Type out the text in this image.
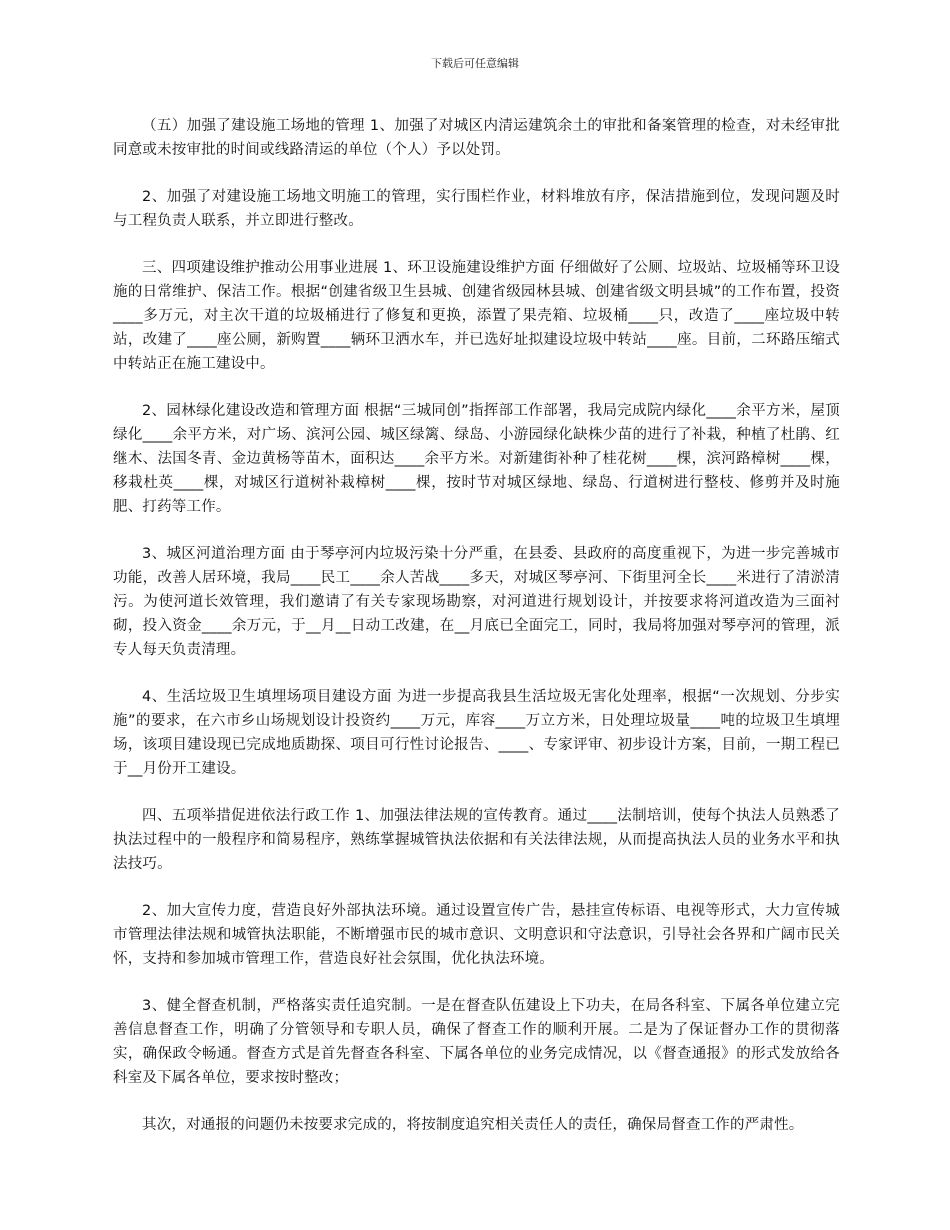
下载后可任意编辑

（五）加强了建设施工场地的管理 1、加强了对城区内清运建筑余土的审批和备案管理的检查，对未经审批同意或未按审批的时间或线路清运的单位（个人）予以处罚。

2、加强了对建设施工场地文明施工的管理，实行围栏作业，材料堆放有序，保洁措施到位，发现问题及时与工程负责人联系，并立即进行整改。

三、四项建设维护推动公用事业进展 1、环卫设施建设维护方面 仔细做好了公厕、垃圾站、垃圾桶等环卫设施的日常维护、保洁工作。根据“创建省级卫生县城、创建省级园林县城、创建省级文明县城”的工作布置，投资____多万元，对主次干道的垃圾桶进行了修复和更换，添置了果壳箱、垃圾桶____只，改造了____座垃圾中转站，改建了____座公厕，新购置____辆环卫洒水车，并已选好址拟建设垃圾中转站____座。目前，二环路压缩式中转站正在施工建设中。

2、园林绿化建设改造和管理方面 根据“三城同创”指挥部工作部署，我局完成院内绿化____余平方米，屋顶绿化____余平方米，对广场、滨河公园、城区绿篱、绿岛、小游园绿化缺株少苗的进行了补栽，种植了杜鹃、红继木、法国冬青、金边黄杨等苗木，面积达____余平方米。对新建街补种了桂花树____棵，滨河路樟树____棵，移栽杜英____棵，对城区行道树补栽樟树____棵，按时节对城区绿地、绿岛、行道树进行整枝、修剪并及时施肥、打药等工作。

3、城区河道治理方面 由于琴亭河内垃圾污染十分严重，在县委、县政府的高度重视下，为进一步完善城市功能，改善人居环境，我局____民工____余人苦战____多天，对城区琴亭河、下街里河全长____米进行了清淤清污。为使河道长效管理，我们邀请了有关专家现场勘察，对河道进行规划设计，并按要求将河道改造为三面衬砌，投入资金____余万元，于__月__日动工改建，在__月底已全面完工，同时，我局将加强对琴亭河的管理，派专人每天负责清理。

4、生活垃圾卫生填埋场项目建设方面 为进一步提高我县生活垃圾无害化处理率，根据“一次规划、分步实施”的要求，在六市乡山场规划设计投资约____万元，库容____万立方米，日处理垃圾量____吨的垃圾卫生填埋场，该项目建设现已完成地质勘探、项目可行性讨论报告、____、专家评审、初步设计方案，目前，一期工程已于__月份开工建设。

四、五项举措促进依法行政工作 1、加强法律法规的宣传教育。通过____法制培训，使每个执法人员熟悉了执法过程中的一般程序和简易程序，熟练掌握城管执法依据和有关法律法规，从而提高执法人员的业务水平和执法技巧。

2、加大宣传力度，营造良好外部执法环境。通过设置宣传广告，悬挂宣传标语、电视等形式，大力宣传城市管理法律法规和城管执法职能，不断增强市民的城市意识、文明意识和守法意识，引导社会各界和广阔市民关怀，支持和参加城市管理工作，营造良好社会氛围，优化执法环境。

3、健全督查机制，严格落实责任追究制。一是在督查队伍建设上下功夫，在局各科室、下属各单位建立完善信息督查工作，明确了分管领导和专职人员，确保了督查工作的顺利开展。二是为了保证督办工作的贯彻落实，确保政令畅通。督查方式是首先督查各科室、下属各单位的业务完成情况，以《督查通报》的形式发放给各科室及下属各单位，要求按时整改；

其次，对通报的问题仍未按要求完成的，将按制度追究相关责任人的责任，确保局督查工作的严肃性。
